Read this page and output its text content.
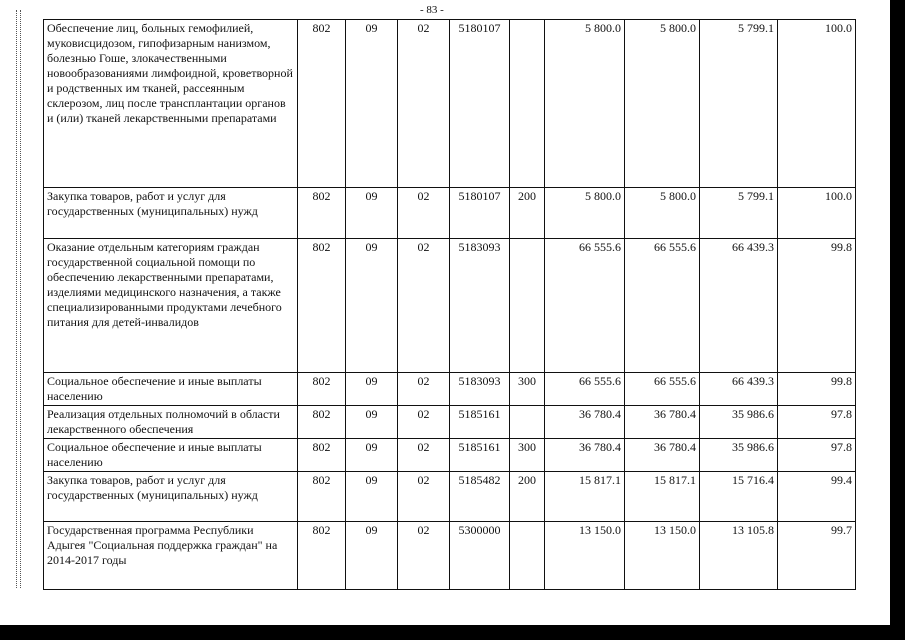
- 83 -
Обеспечение лиц, больных гемофилией, муковисцидозом, гипофизарным нанизмом, болезнью Гоше, злокачественными новообразованиями лимфоидной, кроветворной и родственных им тканей, рассеянным склерозом, лиц после трансплантации органов и (или) тканей лекарственными препаратами	802	09	02	5180107		5 800.0	5 800.0	5 799.1	100.0
Закупка товаров, работ и услуг для государственных (муниципальных) нужд	802	09	02	5180107	200	5 800.0	5 800.0	5 799.1	100.0
Оказание отдельным категориям граждан государственной социальной помощи по обеспечению лекарственными препаратами, изделиями медицинского назначения, а также специализированными продуктами лечебного питания для детей-инвалидов	802	09	02	5183093		66 555.6	66 555.6	66 439.3	99.8
Социальное обеспечение и иные выплаты населению	802	09	02	5183093	300	66 555.6	66 555.6	66 439.3	99.8
Реализация отдельных полномочий в области лекарственного обеспечения	802	09	02	5185161		36 780.4	36 780.4	35 986.6	97.8
Социальное обеспечение и иные выплаты населению	802	09	02	5185161	300	36 780.4	36 780.4	35 986.6	97.8
Закупка товаров, работ и услуг для государственных (муниципальных) нужд	802	09	02	5185482	200	15 817.1	15 817.1	15 716.4	99.4
Государственная программа Республики Адыгея "Социальная поддержка граждан" на 2014-2017 годы	802	09	02	5300000		13 150.0	13 150.0	13 105.8	99.7
